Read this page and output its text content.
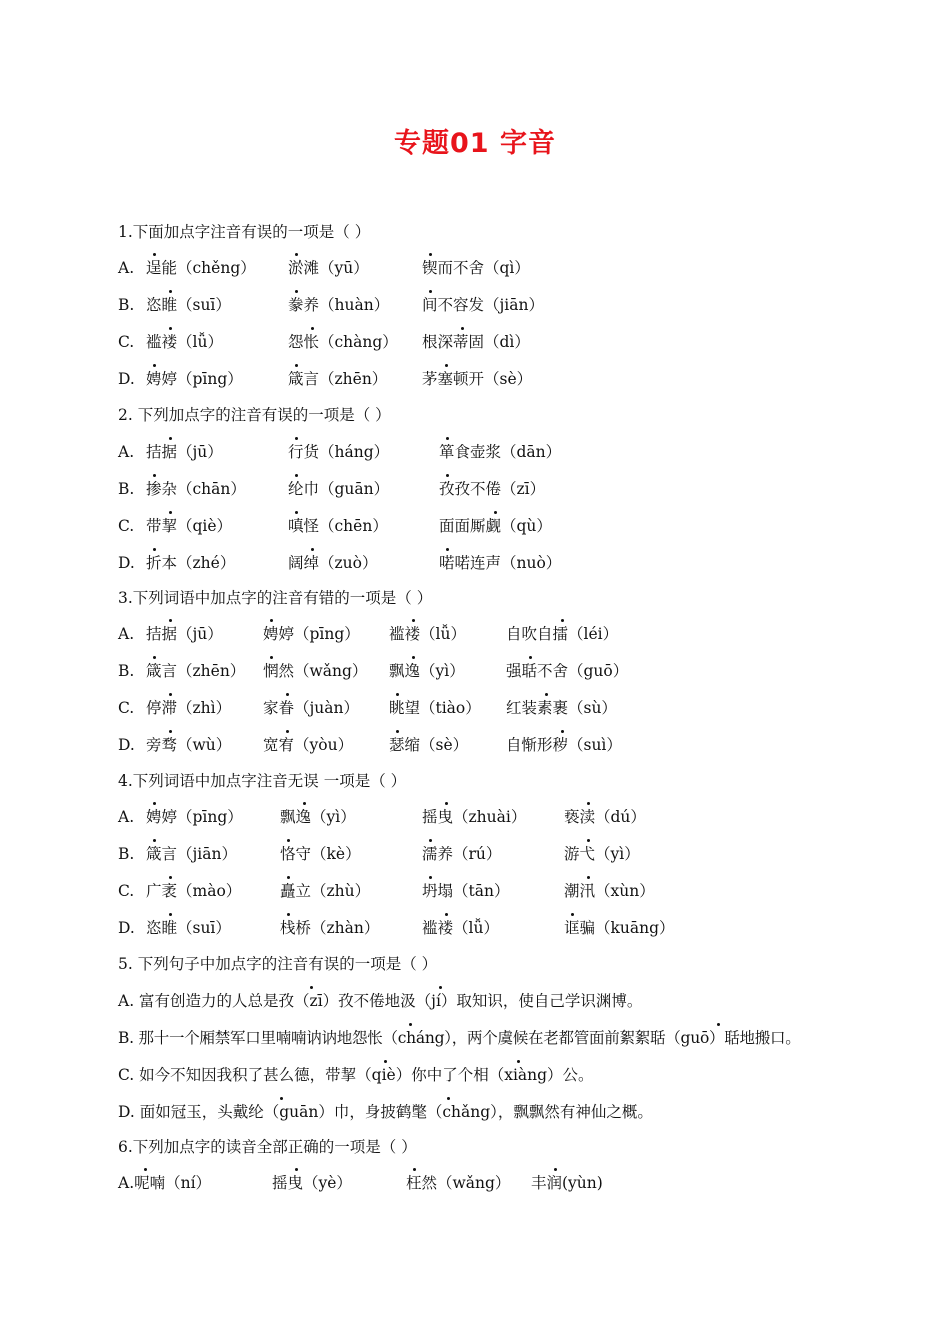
专题01 字音
1.下面加点字注音有误的一项是（ ）
A. 逞能（chěng） 淤滩（yū）	锲而不舍（qì）
B. 恣睢（suī）	豢养（huàn） 间不容发（jiān）
C. 褴褛（lǚ）	怨怅（chàng） 根深蒂固（dì）
D. 娉婷（pīng）	箴言（zhēn） 茅塞顿开（sè）
2. 下列加点字的注音有误的一项是（ ）
A. 拮据（jū）	行货（háng）	箪食壶浆（dān）
B. 掺杂（chān）	纶巾（guān）	孜孜不倦（zī）
C. 带挈（qiè）	嗔怪（chēn）	面面厮觑（qù）
D. 折本（zhé）	阔绰（zuò）	喏喏连声（nuò）
3.下列词语中加点字的注音有错的一项是（ ）
A. 拮据（jū）	娉婷（pīng） 褴褛（lǚ）	自吹自擂（léi）
B. 箴言（zhēn） 惘然（wǎng） 飘逸（yì）	强聒不舍（guō）
C. 停滞（zhì） 家眷（juàn） 眺望（tiào） 红装素裹（sù）
D. 旁骛（wù） 宽宥（yòu） 瑟缩（sè） 自惭形秽（suì）
4.下列词语中加点字注音无误 一项是（ ）
A. 娉婷（pīng） 飘逸（yì）	摇曳（zhuài） 亵渎（dú）
B. 箴言（jiān）	恪守（kè）	濡养（rú）	游弋（yì）
C. 广袤（mào） 矗立（zhù）	坍塌（tān）	潮汛（xùn）
D. 恣睢（suī）	栈桥（zhàn）	褴褛（lǚ）	诓骗（kuāng）
5. 下列句子中加点字的注音有误的一项是（ ）
A. 富有创造力的人总是孜（zī）孜不倦地汲（jí）取知识，使自己学识渊博。
B. 那十一个厢禁军口里喃喃讷讷地怨怅（cháng），两个虞候在老都管面前絮絮聒（guō）聒地搬口。
C. 如今不知因我积了甚么德，带挈（qiè）你中了个相（xiàng）公。
D. 面如冠玉，头戴纶（guān）巾，身披鹤氅（chǎng），飘飘然有神仙之概。
6.下列加点字的读音全部正确的一项是（ ）
A.呢喃（ní）	摇曳（yè）	枉然（wǎng） 丰润(yùn)
